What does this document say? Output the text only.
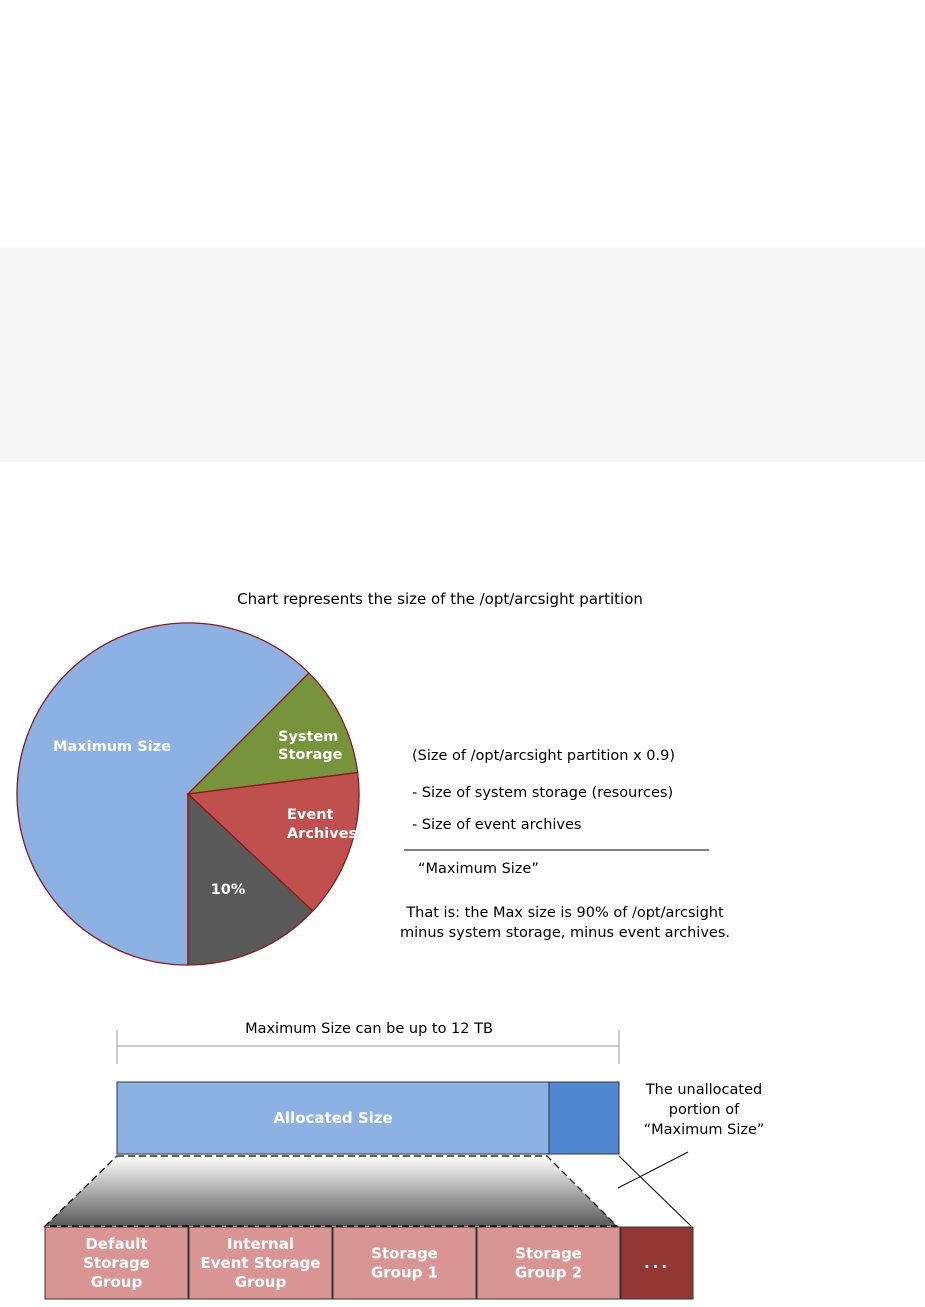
Chart represents the size of the /opt/arcsight partition
Maximum Size
System Storage
Event Archives
10%
(Size of /opt/arcsight partition x 0.9)
- Size of system storage (resources)
- Size of event archives
“Maximum Size”
That is: the Max size is 90% of /opt/arcsight
minus system storage, minus event archives.
Maximum Size can be up to 12 TB
Allocated Size
The unallocated
portion of
“Maximum Size”
Default Storage Group
Internal Event Storage Group
Storage Group 1
Storage Group 2
...
